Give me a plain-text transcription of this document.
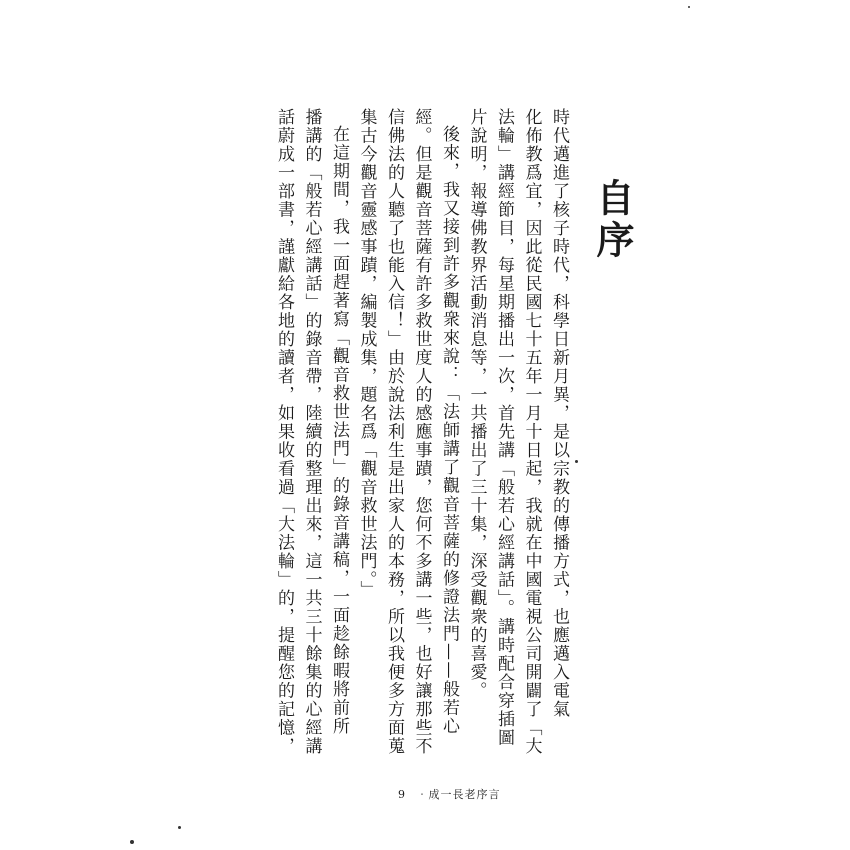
自序
時代邁進了核子時代，科學日新月異，是以宗教的傳播方式，也應邁入電氣
化佈教爲宜，因此從民國七十五年一月十日起，我就在中國電視公司開闢了「大
法輪」講經節目，每星期播出一次，首先講「般若心經講話」。講時配合穿插圖
片說明，報導佛教界活動消息等，一共播出了三十集，深受觀衆的喜愛。
後來，我又接到許多觀衆來說：「法師講了觀音菩薩的修證法門——般若心
經。但是觀音菩薩有許多救世度人的感應事蹟，您何不多講一些，也好讓那些不
信佛法的人聽了也能入信！」由於說法利生是出家人的本務，所以我便多方面蒐
集古今觀音靈感事蹟，編製成集，題名爲「觀音救世法門。」
在這期間，我一面趕著寫「觀音救世法門」的錄音講稿，一面趁餘暇將前所
播講的「般若心經講話」的錄音帶，陸續的整理出來，這一共三十餘集的心經講
話蔚成一部書，謹獻給各地的讀者，如果收看過「大法輪」的，提醒您的記憶，
9 ‧成一長老序言
